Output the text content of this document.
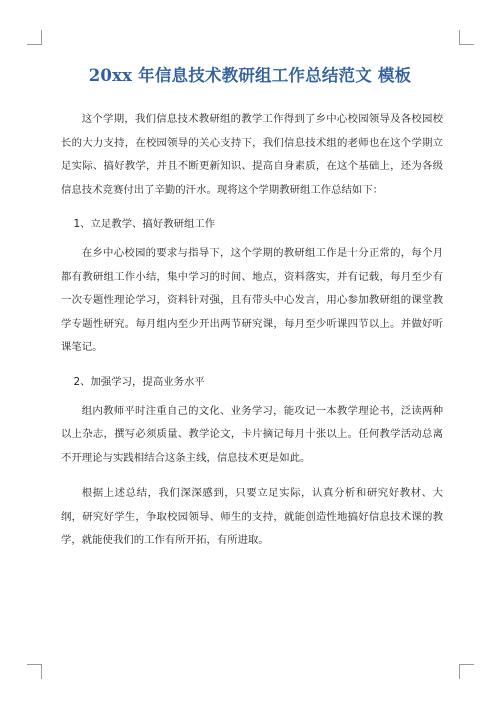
20xx 年信息技术教研组工作总结范文 模板

这个学期，我们信息技术教研组的教学工作得到了乡中心校园领导及各校园校长的大力支持，在校园领导的关心支持下，我们信息技术组的老师也在这个学期立足实际、搞好教学，并且不断更新知识、提高自身素质，在这个基础上，还为各级信息技术竞赛付出了辛勤的汗水。现将这个学期教研组工作总结如下：

1、立足教学、搞好教研组工作

在乡中心校园的要求与指导下，这个学期的教研组工作是十分正常的，每个月都有教研组工作小结，集中学习的时间、地点，资料落实，并有记载，每月至少有一次专题性理论学习，资料针对强，且有带头中心发言，用心参加教研组的课堂教学专题性研究。每月组内至少开出两节研究课，每月至少听课四节以上。并做好听课笔记。

2、加强学习，提高业务水平

组内教师平时注重自己的文化、业务学习，能攻记一本教学理论书，泛读两种以上杂志，撰写必须质量、教学论文，卡片摘记每月十张以上。任何教学活动总离不开理论与实践相结合这条主线，信息技术更是如此。

根据上述总结，我们深深感到，只要立足实际，认真分析和研究好教材、大纲，研究好学生，争取校园领导、师生的支持，就能创造性地搞好信息技术课的教学，就能使我们的工作有所开拓，有所进取。
